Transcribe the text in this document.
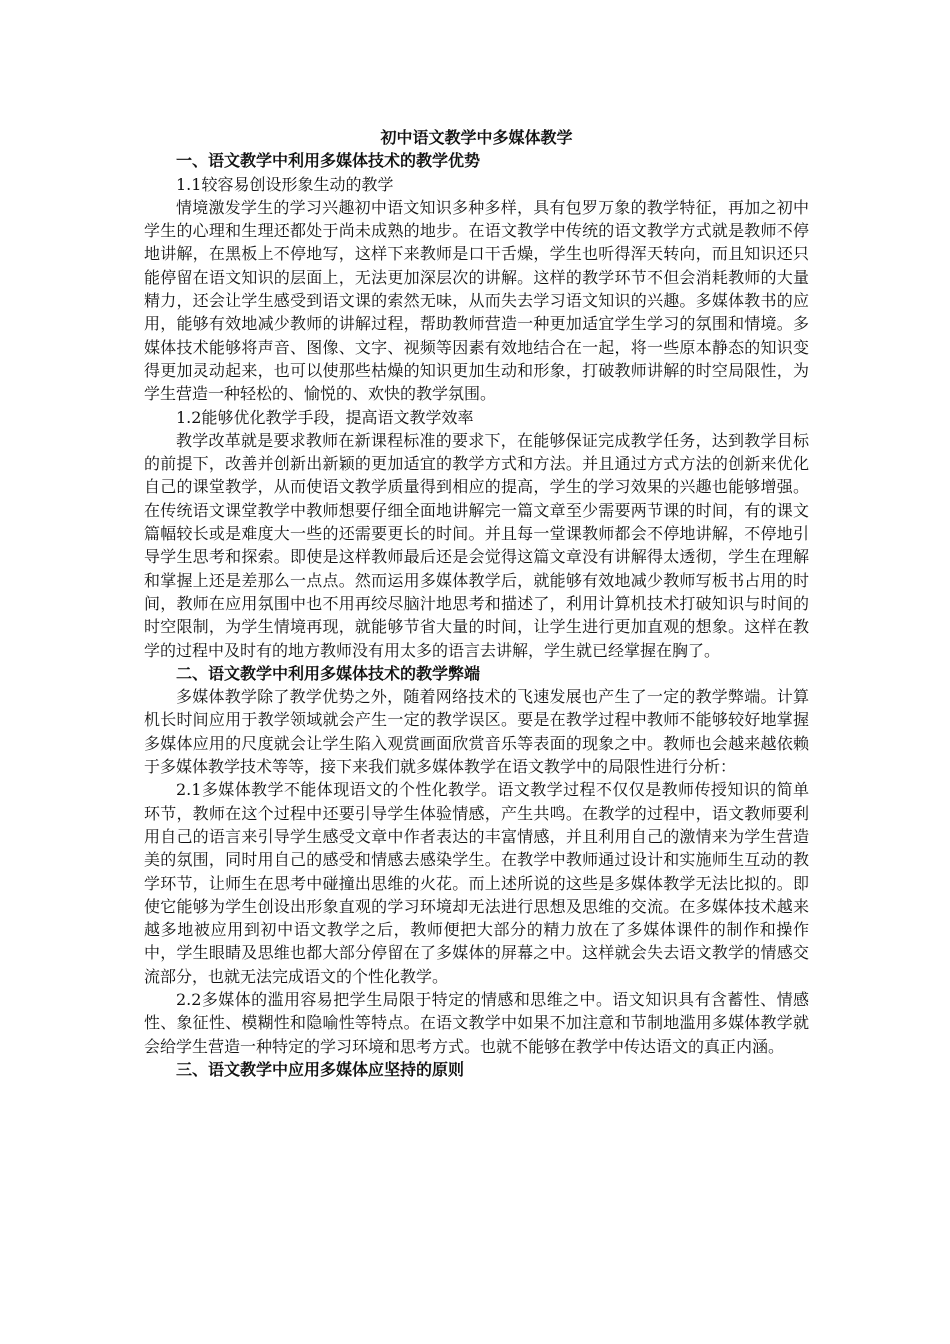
初中语文教学中多媒体教学

一、语文教学中利用多媒体技术的教学优势

1.1较容易创设形象生动的教学

情境激发学生的学习兴趣初中语文知识多种多样，具有包罗万象的教学特征，再加之初中学生的心理和生理还都处于尚未成熟的地步。在语文教学中传统的语文教学方式就是教师不停地讲解，在黑板上不停地写，这样下来教师是口干舌燥，学生也听得浑天转向，而且知识还只能停留在语文知识的层面上，无法更加深层次的讲解。这样的教学环节不但会消耗教师的大量精力，还会让学生感受到语文课的索然无味，从而失去学习语文知识的兴趣。多媒体教书的应用，能够有效地减少教师的讲解过程，帮助教师营造一种更加适宜学生学习的氛围和情境。多媒体技术能够将声音、图像、文字、视频等因素有效地结合在一起，将一些原本静态的知识变得更加灵动起来，也可以使那些枯燥的知识更加生动和形象，打破教师讲解的时空局限性，为学生营造一种轻松的、愉悦的、欢快的教学氛围。

1.2能够优化教学手段，提高语文教学效率

教学改革就是要求教师在新课程标准的要求下，在能够保证完成教学任务，达到教学目标的前提下，改善并创新出新颖的更加适宜的教学方式和方法。并且通过方式方法的创新来优化自己的课堂教学，从而使语文教学质量得到相应的提高，学生的学习效果的兴趣也能够增强。在传统语文课堂教学中教师想要仔细全面地讲解完一篇文章至少需要两节课的时间，有的课文篇幅较长或是难度大一些的还需要更长的时间。并且每一堂课教师都会不停地讲解，不停地引导学生思考和探索。即使是这样教师最后还是会觉得这篇文章没有讲解得太透彻，学生在理解和掌握上还是差那么一点点。然而运用多媒体教学后，就能够有效地减少教师写板书占用的时间，教师在应用氛围中也不用再绞尽脑汁地思考和描述了，利用计算机技术打破知识与时间的时空限制，为学生情境再现，就能够节省大量的时间，让学生进行更加直观的想象。这样在教学的过程中及时有的地方教师没有用太多的语言去讲解，学生就已经掌握在胸了。

二、语文教学中利用多媒体技术的教学弊端

多媒体教学除了教学优势之外，随着网络技术的飞速发展也产生了一定的教学弊端。计算机长时间应用于教学领域就会产生一定的教学误区。要是在教学过程中教师不能够较好地掌握多媒体应用的尺度就会让学生陷入观赏画面欣赏音乐等表面的现象之中。教师也会越来越依赖于多媒体教学技术等等，接下来我们就多媒体教学在语文教学中的局限性进行分析：

2.1多媒体教学不能体现语文的个性化教学。语文教学过程不仅仅是教师传授知识的简单环节，教师在这个过程中还要引导学生体验情感，产生共鸣。在教学的过程中，语文教师要利用自己的语言来引导学生感受文章中作者表达的丰富情感，并且利用自己的激情来为学生营造美的氛围，同时用自己的感受和情感去感染学生。在教学中教师通过设计和实施师生互动的教学环节，让师生在思考中碰撞出思维的火花。而上述所说的这些是多媒体教学无法比拟的。即使它能够为学生创设出形象直观的学习环境却无法进行思想及思维的交流。在多媒体技术越来越多地被应用到初中语文教学之后，教师便把大部分的精力放在了多媒体课件的制作和操作中，学生眼睛及思维也都大部分停留在了多媒体的屏幕之中。这样就会失去语文教学的情感交流部分，也就无法完成语文的个性化教学。

2.2多媒体的滥用容易把学生局限于特定的情感和思维之中。语文知识具有含蓄性、情感性、象征性、模糊性和隐喻性等特点。在语文教学中如果不加注意和节制地滥用多媒体教学就会给学生营造一种特定的学习环境和思考方式。也就不能够在教学中传达语文的真正内涵。

三、语文教学中应用多媒体应坚持的原则
